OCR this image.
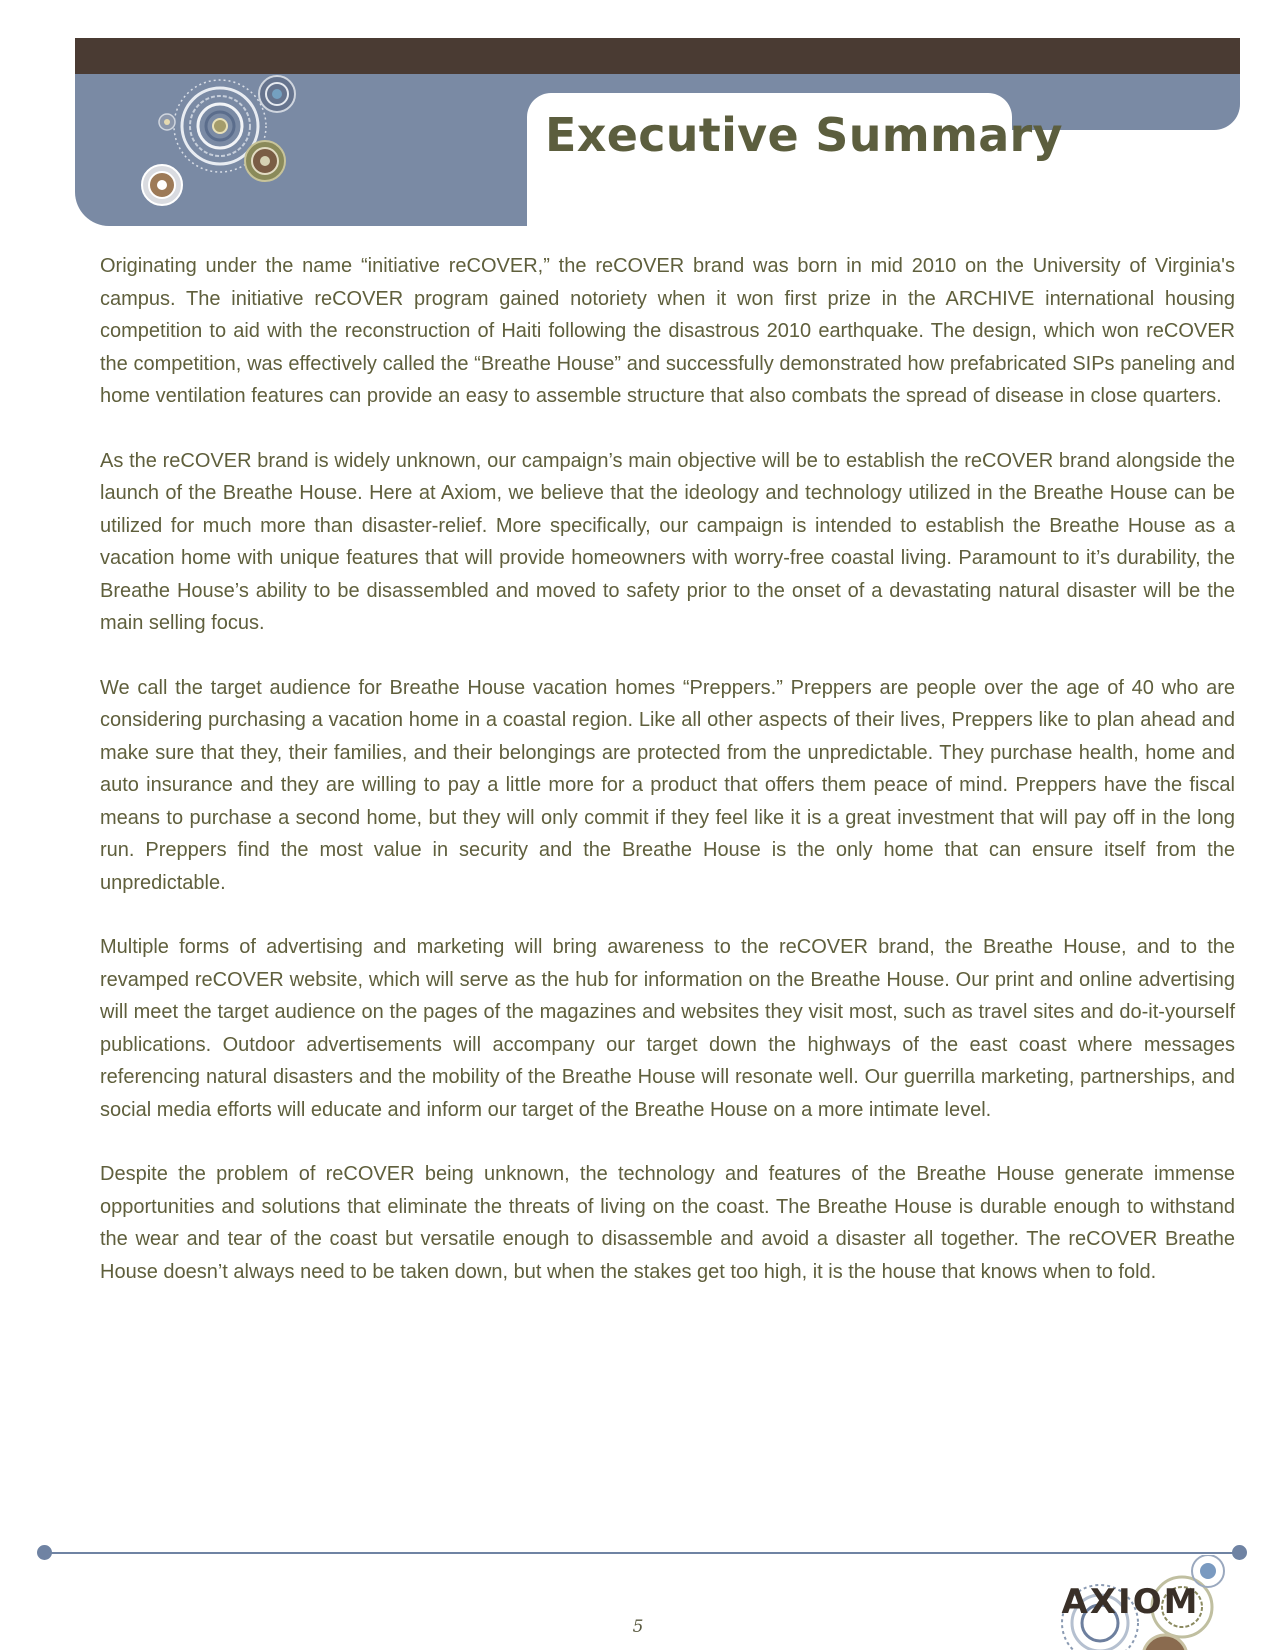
Executive Summary

Originating under the name “initiative reCOVER,” the reCOVER brand was born in mid 2010 on the University of Virginia's campus. The initiative reCOVER program gained notoriety when it won first prize in the ARCHIVE international housing competition to aid with the reconstruction of Haiti following the disastrous 2010 earthquake. The design, which won reCOVER the competition, was effectively called the “Breathe House” and successfully demonstrated how prefabricated SIPs paneling and home ventilation features can provide an easy to assemble structure that also combats the spread of disease in close quarters.

As the reCOVER brand is widely unknown, our campaign’s main objective will be to establish the reCOVER brand alongside the launch of the Breathe House. Here at Axiom, we believe that the ideology and technology utilized in the Breathe House can be utilized for much more than disaster-relief. More specifically, our campaign is intended to establish the Breathe House as a vacation home with unique features that will provide homeowners with worry-free coastal living. Paramount to it’s durability, the Breathe House’s ability to be disassembled and moved to safety prior to the onset of a devastating natural disaster will be the main selling focus.

We call the target audience for Breathe House vacation homes “Preppers.” Preppers are people over the age of 40 who are considering purchasing a vacation home in a coastal region. Like all other aspects of their lives, Preppers like to plan ahead and make sure that they, their families, and their belongings are protected from the unpredictable. They purchase health, home and auto insurance and they are willing to pay a little more for a product that offers them peace of mind. Preppers have the fiscal means to purchase a second home, but they will only commit if they feel like it is a great investment that will pay off in the long run. Preppers find the most value in security and the Breathe House is the only home that can ensure itself from the unpredictable.

Multiple forms of advertising and marketing will bring awareness to the reCOVER brand, the Breathe House, and to the revamped reCOVER website, which will serve as the hub for information on the Breathe House. Our print and online advertising will meet the target audience on the pages of the magazines and websites they visit most, such as travel sites and do-it-yourself publications. Outdoor advertisements will accompany our target down the highways of the east coast where messages referencing natural disasters and the mobility of the Breathe House will resonate well. Our guerrilla marketing, partnerships, and social media efforts will educate and inform our target of the Breathe House on a more intimate level.

Despite the problem of reCOVER being unknown, the technology and features of the Breathe House generate immense opportunities and solutions that eliminate the threats of living on the coast. The Breathe House is durable enough to withstand the wear and tear of the coast but versatile enough to disassemble and avoid a disaster all together. The reCOVER Breathe House doesn’t always need to be taken down, but when the stakes get too high, it is the house that knows when to fold.

AXIOM
5
